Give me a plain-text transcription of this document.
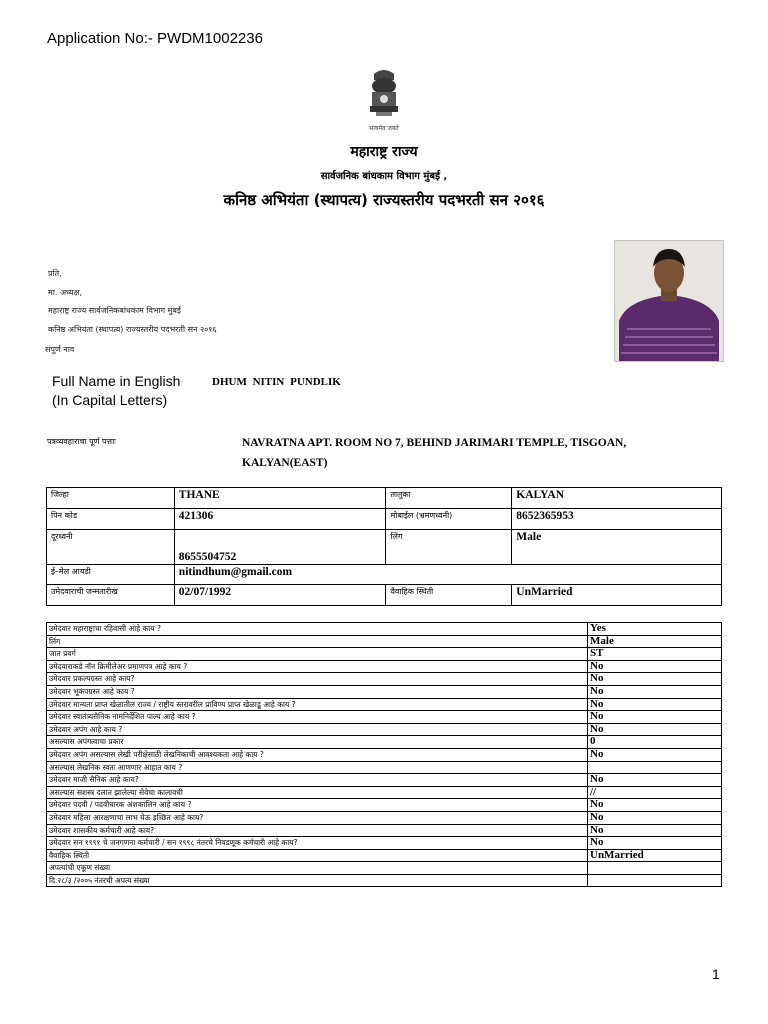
Application No:- PWDM1002236
सत्यमेव जयते
महाराष्ट्र राज्य
सार्वजनिक बांधकाम विभाग मुंबई ,
कनिष्ठ अभियंता (स्थापत्य) राज्यस्तरीय पदभरती सन २०१६
प्रति,
मा. अध्यक्ष,
महाराष्ट्र राज्य सार्वजनिकबांधकाम विभाग मुंबई
कनिष्ठ अभियंता (स्थापत्य) राज्यस्तरीय पदभरती सन २०१६
संपूर्ण नाव
Full Name in English
(In Capital Letters)
DHUM NITIN PUNDLIK
पत्रव्यवहाराचा पूर्ण पत्ताः	NAVRATNA APT. ROOM NO 7, BEHIND JARIMARI TEMPLE, TISGOAN, KALYAN(EAST)
जिल्हा	THANE	तालुका	KALYAN
पिन कोड	421306	मोबाईल (भ्रमणध्वनी)	8652365953
दूरध्वनी	8655504752	लिंग	Male
ई–मेल आयडी	nitindhum@gmail.com		
उमेदवाराची जन्मतारीख	02/07/1992	वैवाहिक स्थिती	UnMarried
उमेदवार महाराष्ट्राचा रहिवासी आहे काय ?	Yes
लिंग	Male
जात प्रवर्ग	ST
उमेदवाराकडे नॉन क्रिमीलेअर प्रमाणपत्र आहे काय ?	No
उमेदवार प्रकल्पग्रस्त आहे काय?	No
उमेदवार भूकंपग्रस्त आहे काय ?	No
उमेदवार मान्यता प्राप्त खेळातील राज्य / राष्ट्रीय स्तरावरील प्राविण्य प्राप्त खेळाडू आहे काय ?	No
उमेदवार स्वातंत्र्यसैनिक नामनिर्देशित पाल्य आहे काय ?	No
उमेदवार अपंग आहे काय ?	No
असल्यास अपंगत्वाचा प्रकार	0
उमेदवार अपंग असल्यास लेखी परीक्षेसाठी लेखनिकाची आवश्यकता आहे काय ?	No
असल्यास लेखनिक स्वतः आणणार आहात काय ?	
उमेदवार माजी सैनिक आहे काय?	No
असल्यास सशस्त्र दलात झालेल्या सेवेचा कालावधी	//
उमेदवार पदवी / पदवीधारक अंशकालिन आहे काय ?	No
उमेदवार महिला आरक्षणाचा लाभ घेऊ इच्छित आहे काय?	No
उमेदवार शासकीय कर्मचारी आहे काय?	No
उमेदवार सन १९९१ चे जनगणना कर्मचारी / सन १९९८ नंतरचे निवडणूक कर्मचारी आहे काय?	No
वैवाहिक स्थिती	UnMarried
अपत्यांची एकूण संख्या	
दि.२८/३ /२००५ नंतरची अपत्य संख्या	
1
